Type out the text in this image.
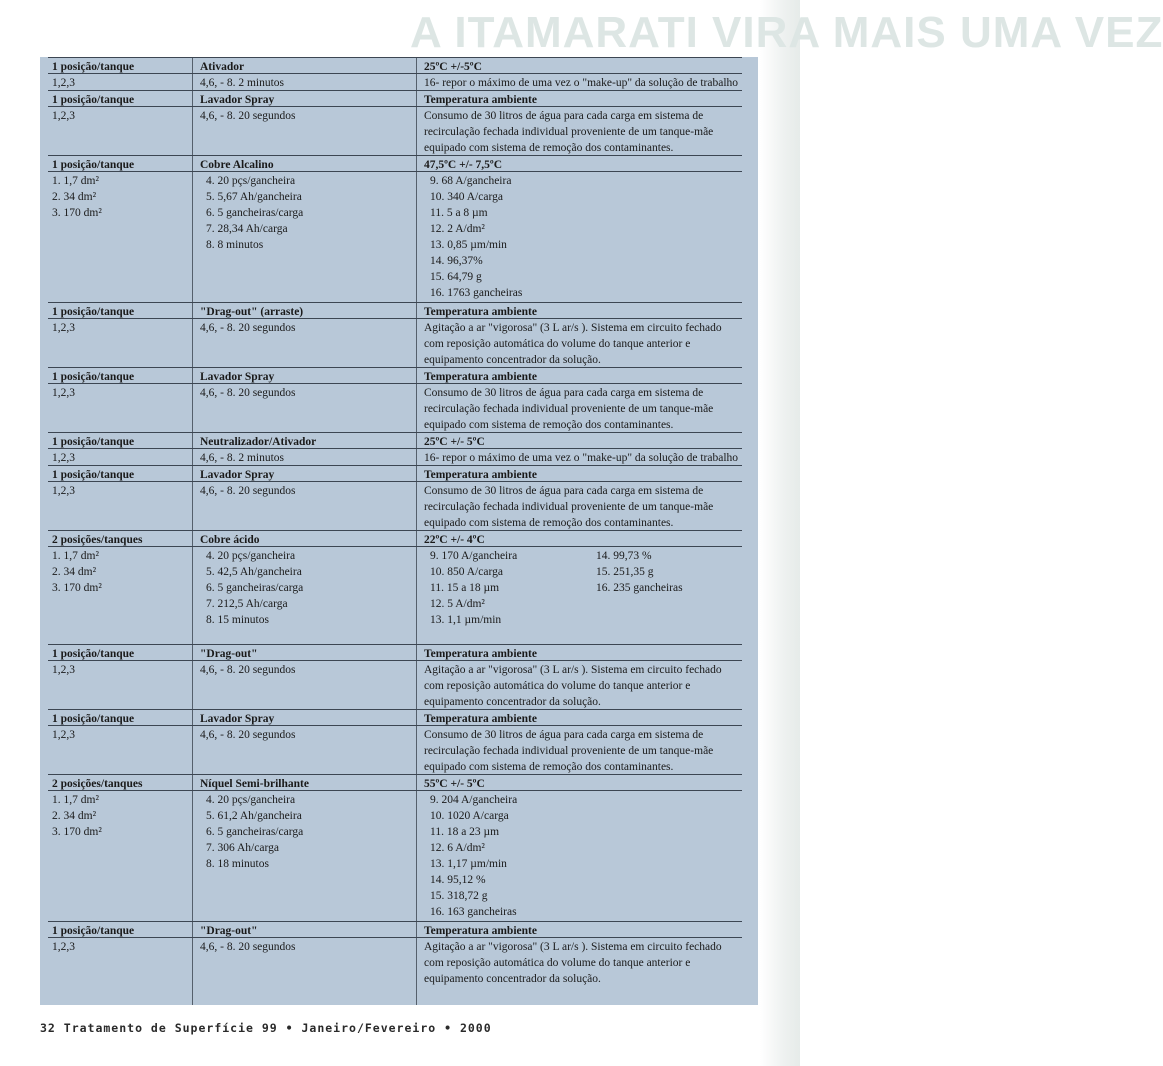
A ITAMARATI VIRA MAIS UMA VEZ
1 posição/tanque
1,2,3
Ativador
4,6, - 8. 2 minutos
25ºC +/-5ºC
16- repor o máximo de uma vez o "make-up" da solução de trabalho
1 posição/tanque
1,2,3
Lavador Spray
4,6, - 8. 20 segundos
Temperatura ambiente
Consumo de 30 litros de água para cada carga em sistema de recirculação fechada individual proveniente de um tanque-mãe equipado com sistema de remoção dos contaminantes.
1 posição/tanque
1. 1,7 dm²
2. 34 dm²
3. 170 dm²
Cobre Alcalino
4. 20 pçs/gancheira
5. 5,67 Ah/gancheira
6. 5 gancheiras/carga
7. 28,34 Ah/carga
8. 8 minutos
47,5ºC +/- 7,5ºC
9. 68 A/gancheira
10. 340 A/carga
11. 5 a 8 µm
12. 2 A/dm²
13. 0,85 µm/min
14. 96,37%
15. 64,79 g
16. 1763 gancheiras
1 posição/tanque
1,2,3
"Drag-out" (arraste)
4,6, - 8. 20 segundos
Temperatura ambiente
Agitação a ar "vigorosa" (3 L ar/s ). Sistema em circuito fechado com reposição automática do volume do tanque anterior e equipamento concentrador da solução.
1 posição/tanque
1,2,3
Lavador Spray
4,6, - 8. 20 segundos
Temperatura ambiente
Consumo de 30 litros de água para cada carga em sistema de recirculação fechada individual proveniente de um tanque-mãe equipado com sistema de remoção dos contaminantes.
1 posição/tanque
1,2,3
Neutralizador/Ativador
4,6, - 8. 2 minutos
25ºC +/- 5ºC
16- repor o máximo de uma vez o "make-up" da solução de trabalho
1 posição/tanque
1,2,3
Lavador Spray
4,6, - 8. 20 segundos
Temperatura ambiente
Consumo de 30 litros de água para cada carga em sistema de recirculação fechada individual proveniente de um tanque-mãe equipado com sistema de remoção dos contaminantes.
2 posições/tanques
1. 1,7 dm²
2. 34 dm²
3. 170 dm²
Cobre ácido
4. 20 pçs/gancheira
5. 42,5 Ah/gancheira
6. 5 gancheiras/carga
7. 212,5 Ah/carga
8. 15 minutos
22ºC +/- 4ºC
9. 170 A/gancheira
10. 850 A/carga
11. 15 a 18 µm
12. 5 A/dm²
13. 1,1 µm/min
14. 99,73 %
15. 251,35 g
16. 235 gancheiras
1 posição/tanque
1,2,3
"Drag-out"
4,6, - 8. 20 segundos
Temperatura ambiente
Agitação a ar "vigorosa" (3 L ar/s ). Sistema em circuito fechado com reposição automática do volume do tanque anterior e equipamento concentrador da solução.
1 posição/tanque
1,2,3
Lavador Spray
4,6, - 8. 20 segundos
Temperatura ambiente
Consumo de 30 litros de água para cada carga em sistema de recirculação fechada individual proveniente de um tanque-mãe equipado com sistema de remoção dos contaminantes.
2 posições/tanques
1. 1,7 dm²
2. 34 dm²
3. 170 dm²
Níquel Semi-brilhante
4. 20 pçs/gancheira
5. 61,2 Ah/gancheira
6. 5 gancheiras/carga
7. 306 Ah/carga
8. 18 minutos
55ºC +/- 5ºC
9. 204 A/gancheira
10. 1020 A/carga
11. 18 a 23 µm
12. 6 A/dm²
13. 1,17 µm/min
14. 95,12 %
15. 318,72 g
16. 163 gancheiras
1 posição/tanque
1,2,3
"Drag-out"
4,6, - 8. 20 segundos
Temperatura ambiente
Agitação a ar "vigorosa" (3 L ar/s ). Sistema em circuito fechado com reposição automática do volume do tanque anterior e equipamento concentrador da solução.
32 Tratamento de Superfície 99 • Janeiro/Fevereiro • 2000
